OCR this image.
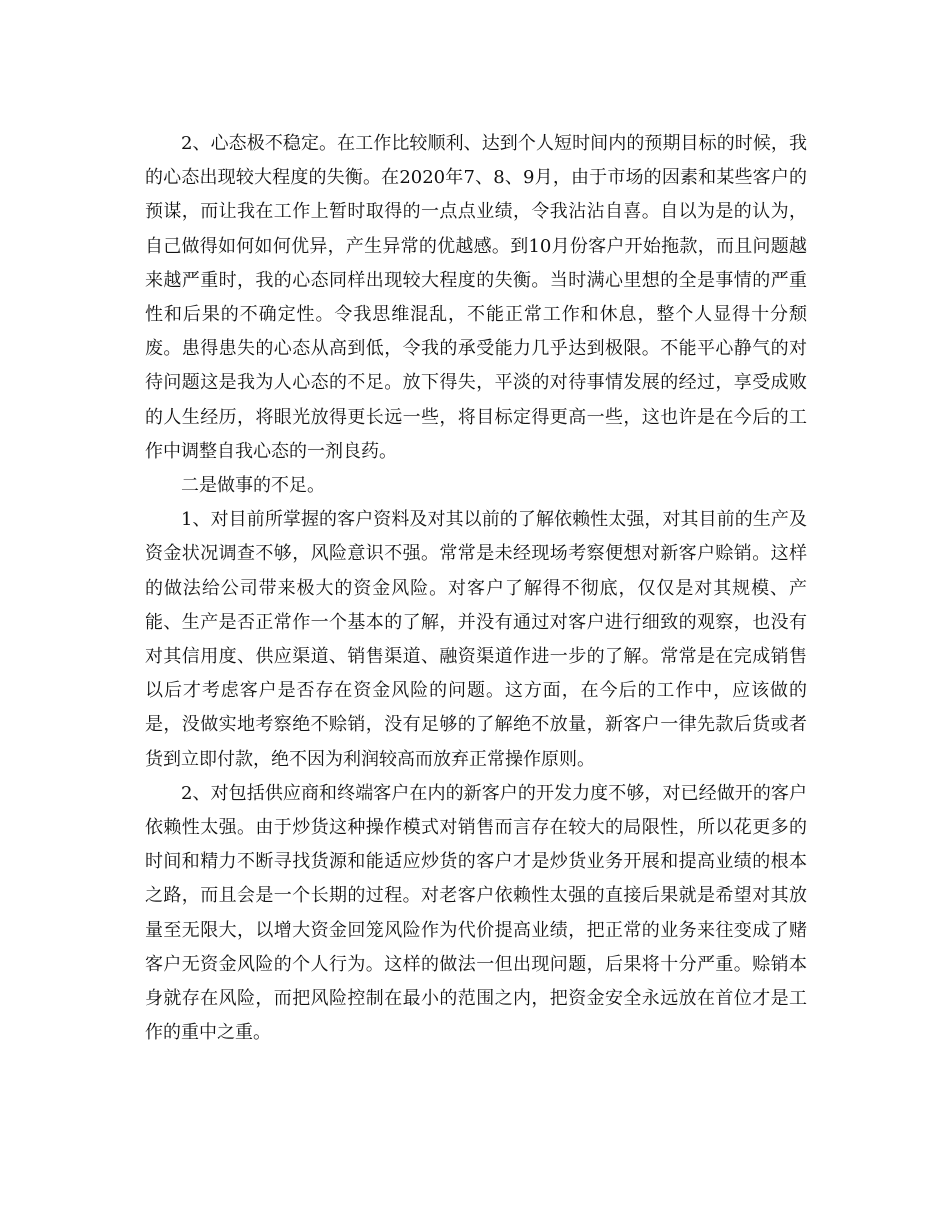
2、心态极不稳定。在工作比较顺利、达到个人短时间内的预期目标的时候，我的心态出现较大程度的失衡。在2020年7、8、9月，由于市场的因素和某些客户的预谋，而让我在工作上暂时取得的一点点业绩，令我沾沾自喜。自以为是的认为，自己做得如何如何优异，产生异常的优越感。到10月份客户开始拖款，而且问题越来越严重时，我的心态同样出现较大程度的失衡。当时满心里想的全是事情的严重性和后果的不确定性。令我思维混乱，不能正常工作和休息，整个人显得十分颓废。患得患失的心态从高到低，令我的承受能力几乎达到极限。不能平心静气的对待问题这是我为人心态的不足。放下得失，平淡的对待事情发展的经过，享受成败的人生经历，将眼光放得更长远一些，将目标定得更高一些，这也许是在今后的工作中调整自我心态的一剂良药。

二是做事的不足。

1、对目前所掌握的客户资料及对其以前的了解依赖性太强，对其目前的生产及资金状况调查不够，风险意识不强。常常是未经现场考察便想对新客户赊销。这样的做法给公司带来极大的资金风险。对客户了解得不彻底，仅仅是对其规模、产能、生产是否正常作一个基本的了解，并没有通过对客户进行细致的观察，也没有对其信用度、供应渠道、销售渠道、融资渠道作进一步的了解。常常是在完成销售以后才考虑客户是否存在资金风险的问题。这方面，在今后的工作中，应该做的是，没做实地考察绝不赊销，没有足够的了解绝不放量，新客户一律先款后货或者货到立即付款，绝不因为利润较高而放弃正常操作原则。

2、对包括供应商和终端客户在内的新客户的开发力度不够，对已经做开的客户依赖性太强。由于炒货这种操作模式对销售而言存在较大的局限性，所以花更多的时间和精力不断寻找货源和能适应炒货的客户才是炒货业务开展和提高业绩的根本之路，而且会是一个长期的过程。对老客户依赖性太强的直接后果就是希望对其放量至无限大，以增大资金回笼风险作为代价提高业绩，把正常的业务来往变成了赌客户无资金风险的个人行为。这样的做法一但出现问题，后果将十分严重。赊销本身就存在风险，而把风险控制在最小的范围之内，把资金安全永远放在首位才是工作的重中之重。
